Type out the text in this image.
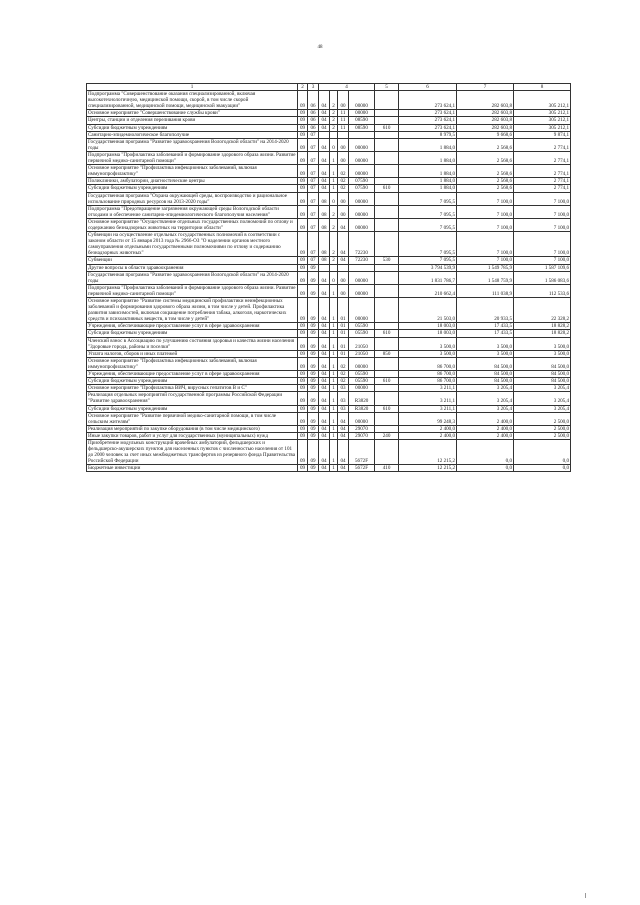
48
1	2	3	4				5	6	7	8
Подпрограмма "Совершенствование оказания специализированной, включая высокотехнологичную, медицинской помощи, скорой, в том числе скорой специализированной, медицинской помощи, медицинской эвакуации"	09	06	04	2	00	00000		273 624,1	282 603,8	305 212,1
Основное мероприятие "Совершенствование службы крови"	09	06	04	2	11	00000		273 624,1	282 603,8	305 212,1
Центры, станции и отделения переливания крови	09	06	04	2	11	08590		273 624,1	282 603,8	305 212,1
Субсидии бюджетным учреждениям	09	06	04	2	11	08590	610	273 624,1	282 603,8	305 212,1
Санитарно-эпидемиологическое благополучие	09	07						8 979,5	9 668,6	9 874,1
Государственная программа "Развитие здравоохранения Вологодской области" на 2014-2020 годы	09	07	04	0	00	00000		1 884,0	2 568,6	2 774,1
Подпрограмма "Профилактика заболеваний и формирование здорового образа жизни. Развитие первичной медико-санитарной помощи"	09	07	04	1	00	00000		1 884,0	2 568,6	2 774,1
Основное мероприятие "Профилактика инфекционных заболеваний, включая иммунопрофилактику"	09	07	04	1	02	00000		1 884,0	2 568,6	2 774,1
Поликлиники, амбулатории, диагностические центры	09	07	04	1	02	07590		1 884,0	2 568,6	2 774,1
Субсидии бюджетным учреждениям	09	07	04	1	02	07590	610	1 884,0	2 568,6	2 774,1
Государственная программа "Охрана окружающей среды, воспроизводство и рациональное использование природных ресурсов на 2013-2020 годы"	09	07	08	0	00	00000		7 095,5	7 100,0	7 100,0
Подпрограмма "Предотвращение загрязнения окружающей среды Вологодской области отходами и обеспечение санитарно-эпидемиологического благополучия населения"	09	07	08	2	00	00000		7 095,5	7 100,0	7 100,0
Основное мероприятие "Осуществление отдельных государственных полномочий по отлову и содержанию безнадзорных животных на территории области"	09	07	08	2	04	00000		7 095,5	7 100,0	7 100,0
Субвенции на осуществление отдельных государственных полномочий в соответствии с законом области от 15 января 2013 года № 2966-ОЗ "О наделении органов местного самоуправления отдельными государственными полномочиями по отлову и содержанию безнадзорных животных"	09	07	08	2	04	72230		7 095,5	7 100,0	7 100,0
Субвенции	09	07	08	2	04	72230	530	7 095,5	7 100,0	7 100,0
Другие вопросы в области здравоохранения	09	09						3 794 539,9	1 549 785,9	1 587 109,6
Государственная программа "Развитие здравоохранения Вологодской области" на 2014-2020 годы	09	09	04	0	00	00000		1 831 786,7	1 548 759,9	1 586 083,6
Подпрограмма "Профилактика заболеваний и формирование здорового образа жизни. Развитие первичной медико-санитарной помощи"	09	09	04	1	00	00000		210 662,4	111 038,9	112 533,6
Основное мероприятие "Развитие системы медицинской профилактики неинфекционных заболеваний и формирования здорового образа жизни, в том числе у детей. Профилактика развития зависимостей, включая сокращение потребления табака, алкоголя, наркотических средств и психоактивных веществ, в том числе у детей"	09	09	04	1	01	00000		21 503,0	20 933,5	22 328,2
Учреждения, обеспечивающие предоставление услуг в сфере здравоохранения	09	09	04	1	01	05590		18 003,0	17 433,5	18 828,2
Субсидии бюджетным учреждениям	09	09	04	1	01	05590	610	18 003,0	17 433,5	18 828,2
Членский взнос в Ассоциацию по улучшению состояния здоровья и качества жизни населения "Здоровые города, районы и поселки"	09	09	04	1	01	21050		3 500,0	3 500,0	3 500,0
Уплата налогов, сборов и иных платежей	09	09	04	1	01	21050	850	3 500,0	3 500,0	3 500,0
Основное мероприятие "Профилактика инфекционных заболеваний, включая иммунопрофилактику"	09	09	04	1	02	00000		86 700,0	84 500,0	84 500,0
Учреждения, обеспечивающие предоставление услуг в сфере здравоохранения	09	09	04	1	02	05590		86 700,0	84 500,0	84 500,0
Субсидии бюджетным учреждениям	09	09	04	1	02	05590	610	86 700,0	84 500,0	84 500,0
Основное мероприятие "Профилактика ВИЧ, вирусных гепатитов В и С"	09	09	04	1	03	00000		3 211,1	3 205,4	3 205,4
Реализация отдельных мероприятий государственной программы Российской Федерации "Развитие здравоохранения"	09	09	04	1	03	R3820		3 211,1	3 205,4	3 205,4
Субсидии бюджетным учреждениям	09	09	04	1	03	R3820	610	3 211,1	3 205,4	3 205,4
Основное мероприятие "Развитие первичной медико-санитарной помощи, в том числе сельским жителям"	09	09	04	1	04	00000		99 248,3	2 400,0	2 500,0
Реализация мероприятий по закупке оборудования (в том числе медицинского)	09	09	04	1	04	29070		2 400,0	2 400,0	2 500,0
Иные закупки товаров, работ и услуг для государственных (муниципальных) нужд	09	09	04	1	04	29070	240	2 400,0	2 400,0	2 500,0
Приобретение модульных конструкций врачебных амбулаторий, фельдшерских и фельдшерско-акушерских пунктов для населенных пунктов с численностью населения от 101 до 2000 человек за счет иных межбюджетных трансфертов из резервного фонда Правительства Российской Федерации	09	09	04	1	04	5672F		12 215,2	0,0	0,0
Бюджетные инвестиции	09	09	04	1	04	5672F	410	12 215,2	0,0	0,0
